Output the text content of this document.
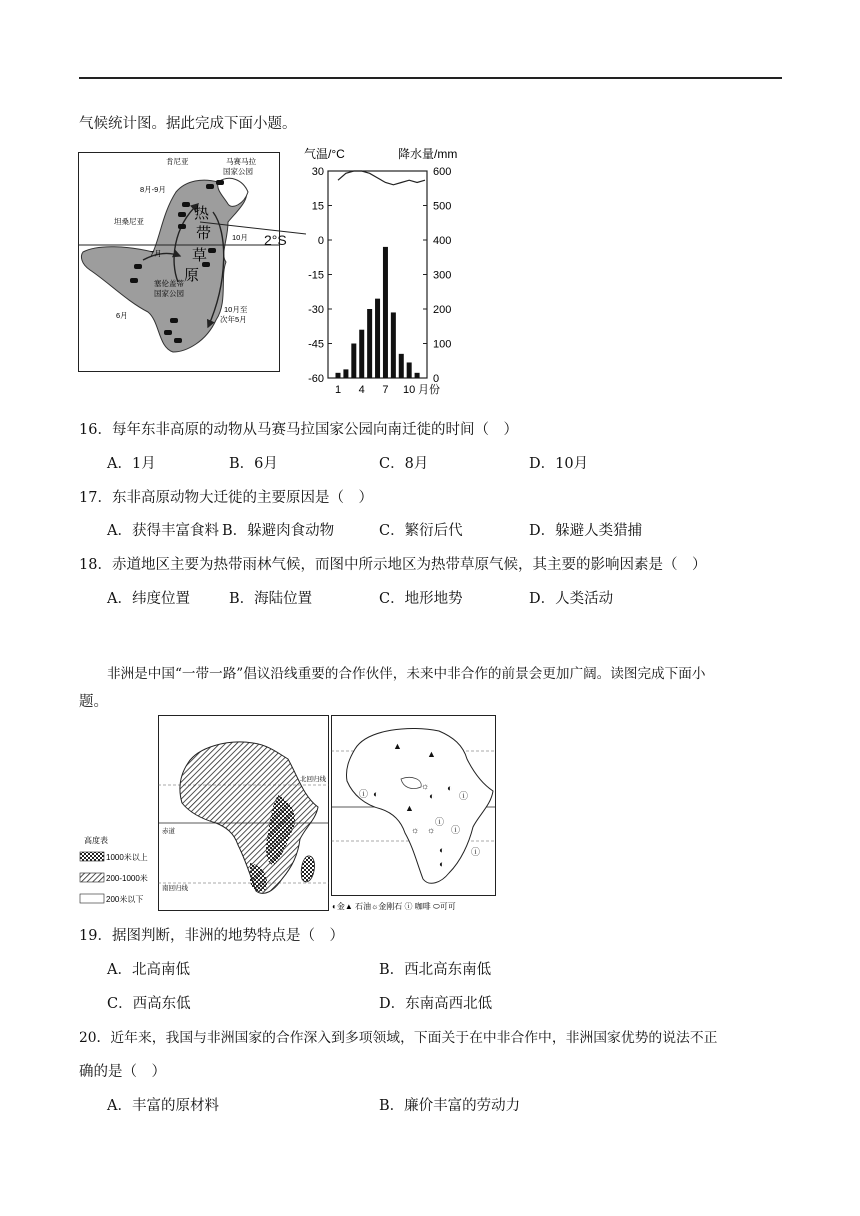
气候统计图。据此完成下面小题。
肯尼亚	马赛马拉
国家公园
8月-9月
坦桑尼亚
7月
10月
6月
10月至
次年5月
塞伦盖蒂
国家公园
热
带
草
原
2°S
气温/°C	降水量/mm
30
15
0
-15
-30
-45
-60
600
500
400
300
200
100
0
1 4 7 10 月份
16．每年东非高原的动物从马赛马拉国家公园向南迁徙的时间（　）
A．1月	B．6月	C．8月	D．10月
17．东非高原动物大迁徙的主要原因是（　）
A．获得丰富食料 B．躲避肉食动物	C．繁衍后代	D．躲避人类猎捕
18．赤道地区主要为热带雨林气候，而图中所示地区为热带草原气候，其主要的影响因素是（　）
A．纬度位置	B．海陆位置	C．地形地势	D．人类活动
非洲是中国“一带一路”倡议沿线重要的合作伙伴，未来中非合作的前景会更加广阔。读图完成下面小
题。
北回归线
赤道
南回归线
高度表
1000米以上
200-1000米
200米以下
▲
▲
▲
☼
☼
☼
ⓘ	ⓘ
ⓘ
ⓘ
ⓘ
◐	◐
◐
◐
◐
◐金▲ 石油☼金刚石 ⓘ 咖啡 ⬭可可
19．据图判断，非洲的地势特点是（　）
A．北高南低	B．西北高东南低
C．西高东低	D．东南高西北低
20．近年来，我国与非洲国家的合作深入到多项领域，下面关于在中非合作中，非洲国家优势的说法不正
确的是（　）
A．丰富的原材料	B．廉价丰富的劳动力
